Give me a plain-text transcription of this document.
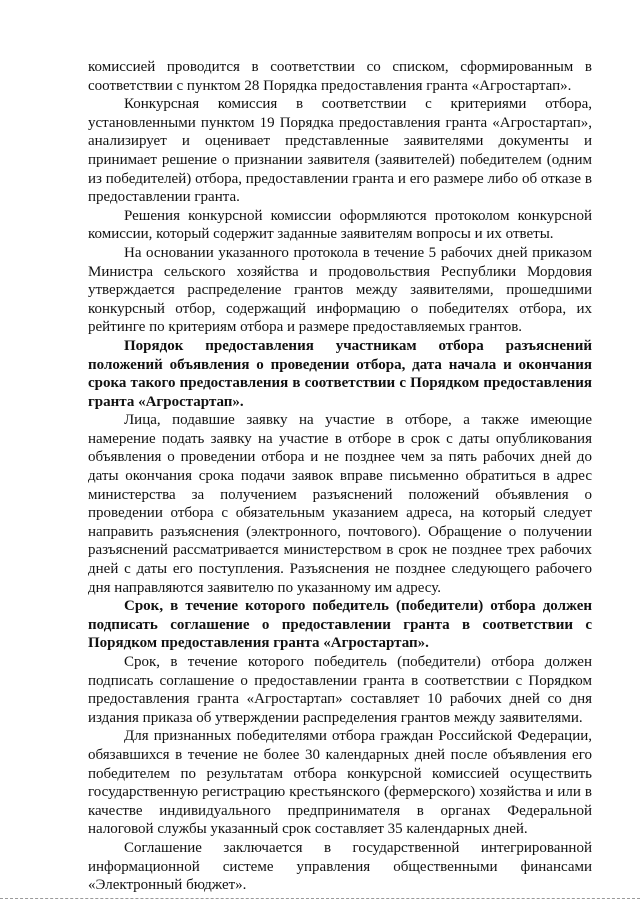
комиссией проводится в соответствии со списком, сформированным в соответствии с пунктом 28 Порядка предоставления гранта «Агростартап».

Конкурсная комиссия в соответствии с критериями отбора, установленными пунктом 19 Порядка предоставления гранта «Агростартап», анализирует и оценивает представленные заявителями документы и принимает решение о признании заявителя (заявителей) победителем (одним из победителей) отбора, предоставлении гранта и его размере либо об отказе в предоставлении гранта.

Решения конкурсной комиссии оформляются протоколом конкурсной комиссии, который содержит заданные заявителям вопросы и их ответы.

На основании указанного протокола в течение 5 рабочих дней приказом Министра сельского хозяйства и продовольствия Республики Мордовия утверждается распределение грантов между заявителями, прошедшими конкурсный отбор, содержащий информацию о победителях отбора, их рейтинге по критериям отбора и размере предоставляемых грантов.

Порядок предоставления участникам отбора разъяснений положений объявления о проведении отбора, дата начала и окончания срока такого предоставления в соответствии с Порядком предоставления гранта «Агростартап».

Лица, подавшие заявку на участие в отборе, а также имеющие намерение подать заявку на участие в отборе в срок с даты опубликования объявления о проведении отбора и не позднее чем за пять рабочих дней до даты окончания срока подачи заявок вправе письменно обратиться в адрес министерства за получением разъяснений положений объявления о проведении отбора с обязательным указанием адреса, на который следует направить разъяснения (электронного, почтового). Обращение о получении разъяснений рассматривается министерством в срок не позднее трех рабочих дней с даты его поступления. Разъяснения не позднее следующего рабочего дня направляются заявителю по указанному им адресу.

Срок, в течение которого победитель (победители) отбора должен подписать соглашение о предоставлении гранта в соответствии с Порядком предоставления гранта «Агростартап».

Срок, в течение которого победитель (победители) отбора должен подписать соглашение о предоставлении гранта в соответствии с Порядком предоставления гранта «Агростартап» составляет 10 рабочих дней со дня издания приказа об утверждении распределения грантов между заявителями.

Для признанных победителями отбора граждан Российской Федерации, обязавшихся в течение не более 30 календарных дней после объявления его победителем по результатам отбора конкурсной комиссией осуществить государственную регистрацию крестьянского (фермерского) хозяйства и или в качестве индивидуального предпринимателя в органах Федеральной налоговой службы указанный срок составляет 35 календарных дней.

Соглашение заключается в государственной интегрированной информационной системе управления общественными финансами «Электронный бюджет».
